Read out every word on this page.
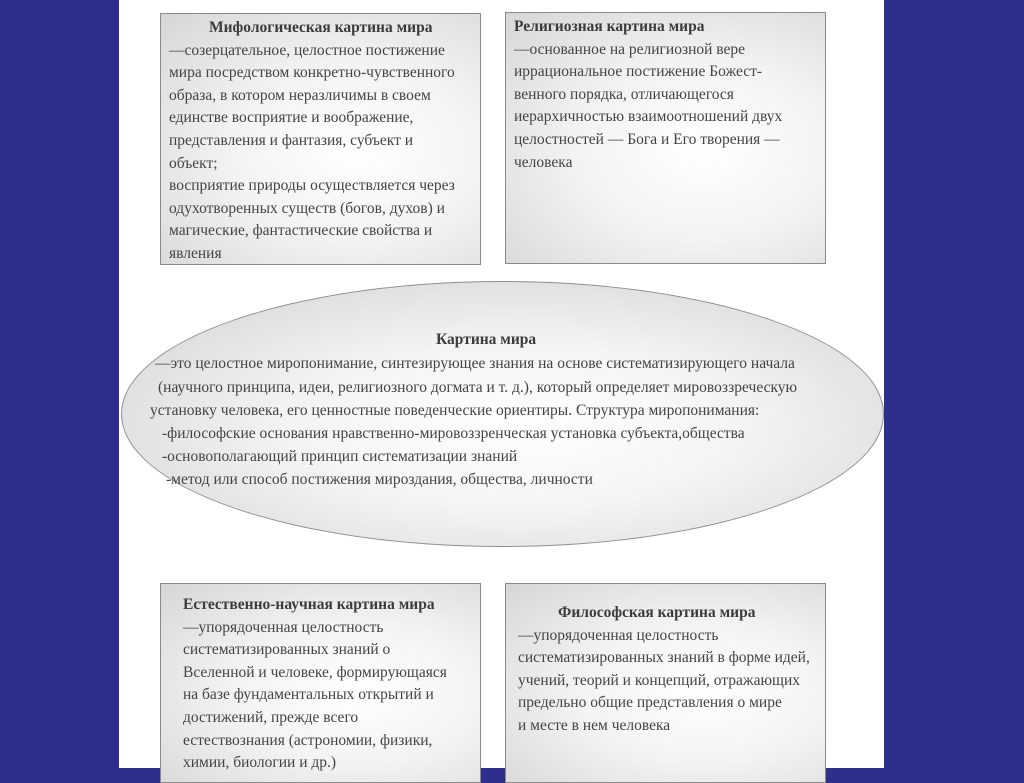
Мифологическая картина мира

—созерцательное, целостное постижение
мира посредством конкретно-чувственного
образа, в котором неразличимы в своем
единстве восприятие и воображение,
представления и фантазия, субъект и
объект;
восприятие природы осуществляется через
одухотворенных существ (богов, духов) и
магические, фантастические свойства и
явления

Религиозная картина мира

—основанное на религиозной вере
иррациональное постижение Божест-
венного порядка, отличающегося
иерархичностью взаимоотношений двух
целостностей — Бога и Его творения —
человека

Картина мира
—это целостное миропонимание, синтезирующее знания на основе систематизирующего начала
(научного принципа, идеи, религиозного догмата и т. д.), который определяет мировоззреческую
установку человека, его ценностные поведенческие ориентиры. Структура миропонимания:
-философские основания нравственно-мировоззренческая установка субъекта,общества
-основополагающий принцип систематизации знаний
-метод или способ постижения мироздания, общества, личности

Естественно-научная картина мира

—упорядоченная целостность
систематизированных знаний о
Вселенной и человеке, формирующаяся
на базе фундаментальных открытий и
достижений, прежде всего
естествознания (астрономии, физики,
химии, биологии и др.)

Философская картина мира

—упорядоченная целостность
систематизированных знаний в форме идей,
учений, теорий и концепций, отражающих
предельно общие представления о мире
и месте в нем человека
